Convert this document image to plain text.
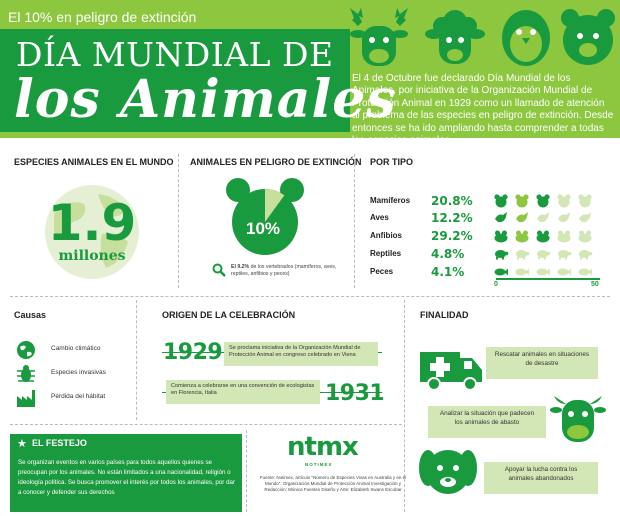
El 10% en peligro de extinción
DÍA MUNDIAL DE
los Animales
El 4 de Octubre fue declarado Día Mundial de los Animales, por iniciativa de la Organización Mundial de Protección Animal en 1929 como un llamado de atención al problema de las especies en peligro de extinción. Desde entonces se ha ido ampliando hasta comprender a todas las especies animales
ESPECIES ANIMALES EN EL MUNDO
1.9
millones
ANIMALES EN PELIGRO DE EXTINCIÓN
10%
El 9.2% de los vertebrados (mamíferos, aves, reptiles, anfibios y peces)
POR TIPO
Mamíferos 20.8%
Aves	12.2%
Anfibios 29.2%
Reptiles 4.8%
Peces	4.1%
0	50
Causas
Cambio climático
Especies invasivas
Pérdida del hábitat
ORIGEN DE LA CELEBRACIÓN
1929	Se proclama iniciativa de la Organización Mundial de Protección Animal en congreso celebrado en Viena
Comienza a celebrarse en una convención de ecologistas en Florencia, Italia	1931
FINALIDAD
Rescatar animales en situaciones de desastre
Analizar la situación que padecen los animales de abasto
Apoyar la lucha contra los animales abandonados
★ EL FESTEJO
Se organizan eventos en varios países para todos aquellos quienes se preocupan por los animales. No están limitados a una nacionalidad, religión o ideología política. Se busca promover el interés por todos los animales, por dar a conocer y defender sus derechos
ntmx
NOTIMEX
Fuente: Notimex, artículo "Número de Especies Vivas en Australia y en el Mundo", Organización Mundial de Protección Animal Investigación y Redacción: Mónica Fuentes Diseño y Arte: Elizabeth Swans Escobar
